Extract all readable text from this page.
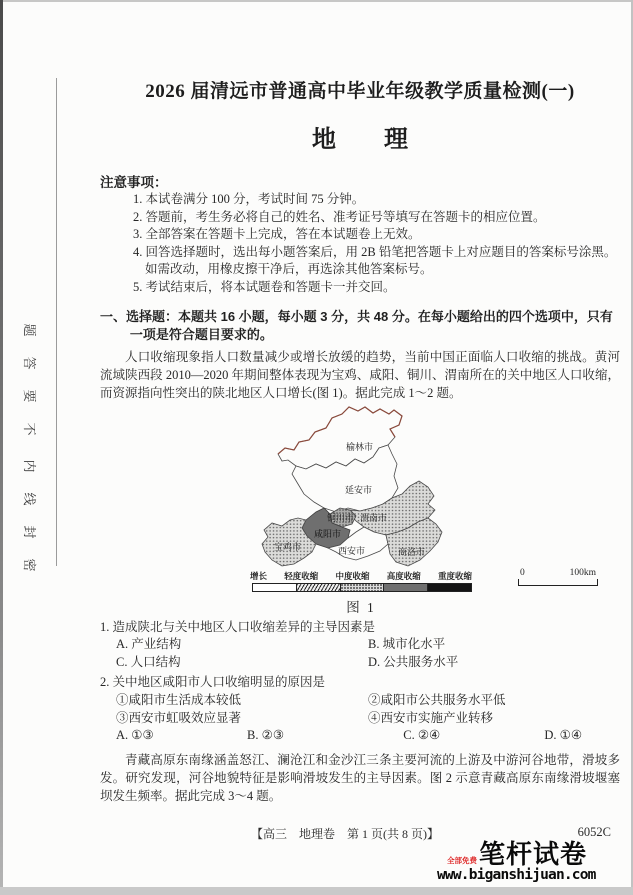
题
答
要
不
内
线
封
密
2026 届清远市普通高中毕业年级教学质量检测(一)
地　　理
注意事项：
1. 本试卷满分 100 分，考试时间 75 分钟。
2. 答题前，考生务必将自己的姓名、准考证号等填写在答题卡的相应位置。
3. 全部答案在答题卡上完成，答在本试题卷上无效。
4. 回答选择题时，选出每小题答案后，用 2B 铅笔把答题卡上对应题目的答案标号涂黑。
如需改动，用橡皮擦干净后，再选涂其他答案标号。
5. 考试结束后，将本试题卷和答题卡一并交回。
一、选择题：本题共 16 小题，每小题 3 分，共 48 分。在每小题给出的四个选项中，只有一项是符合题目要求的。
人口收缩现象指人口数量减少或增长放缓的趋势，当前中国正面临人口收缩的挑战。黄河流域陕西段 2010—2020 年期间整体表现为宝鸡、咸阳、铜川、渭南所在的关中地区人口收缩，而资源指向性突出的陕北地区人口增长(图 1)。据此完成 1～2 题。
榆林市
延安市
铜川市
咸阳市
渭南市
宝鸡市	西安市	商洛市
增长 轻度收缩 中度收缩 高度收缩 重度收缩	0	100km
图 1
1. 造成陕北与关中地区人口收缩差异的主导因素是
A. 产业结构	B. 城市化水平
C. 人口结构	D. 公共服务水平
2. 关中地区咸阳市人口收缩明显的原因是
①咸阳市生活成本较低	②咸阳市公共服务水平低
③西安市虹吸效应显著	④西安市实施产业转移
A. ①③	B. ②③	C. ②④	D. ①④
青藏高原东南缘涵盖怒江、澜沧江和金沙江三条主要河流的上游及中游河谷地带，滑坡多发。研究发现，河谷地貌特征是影响滑坡发生的主导因素。图 2 示意青藏高原东南缘滑坡堰塞坝发生频率。据此完成 3～4 题。
【高三　地理卷　第 1 页(共 8 页)】	6052C
全部免费 笔杆试卷
www.biganshijuan.com
